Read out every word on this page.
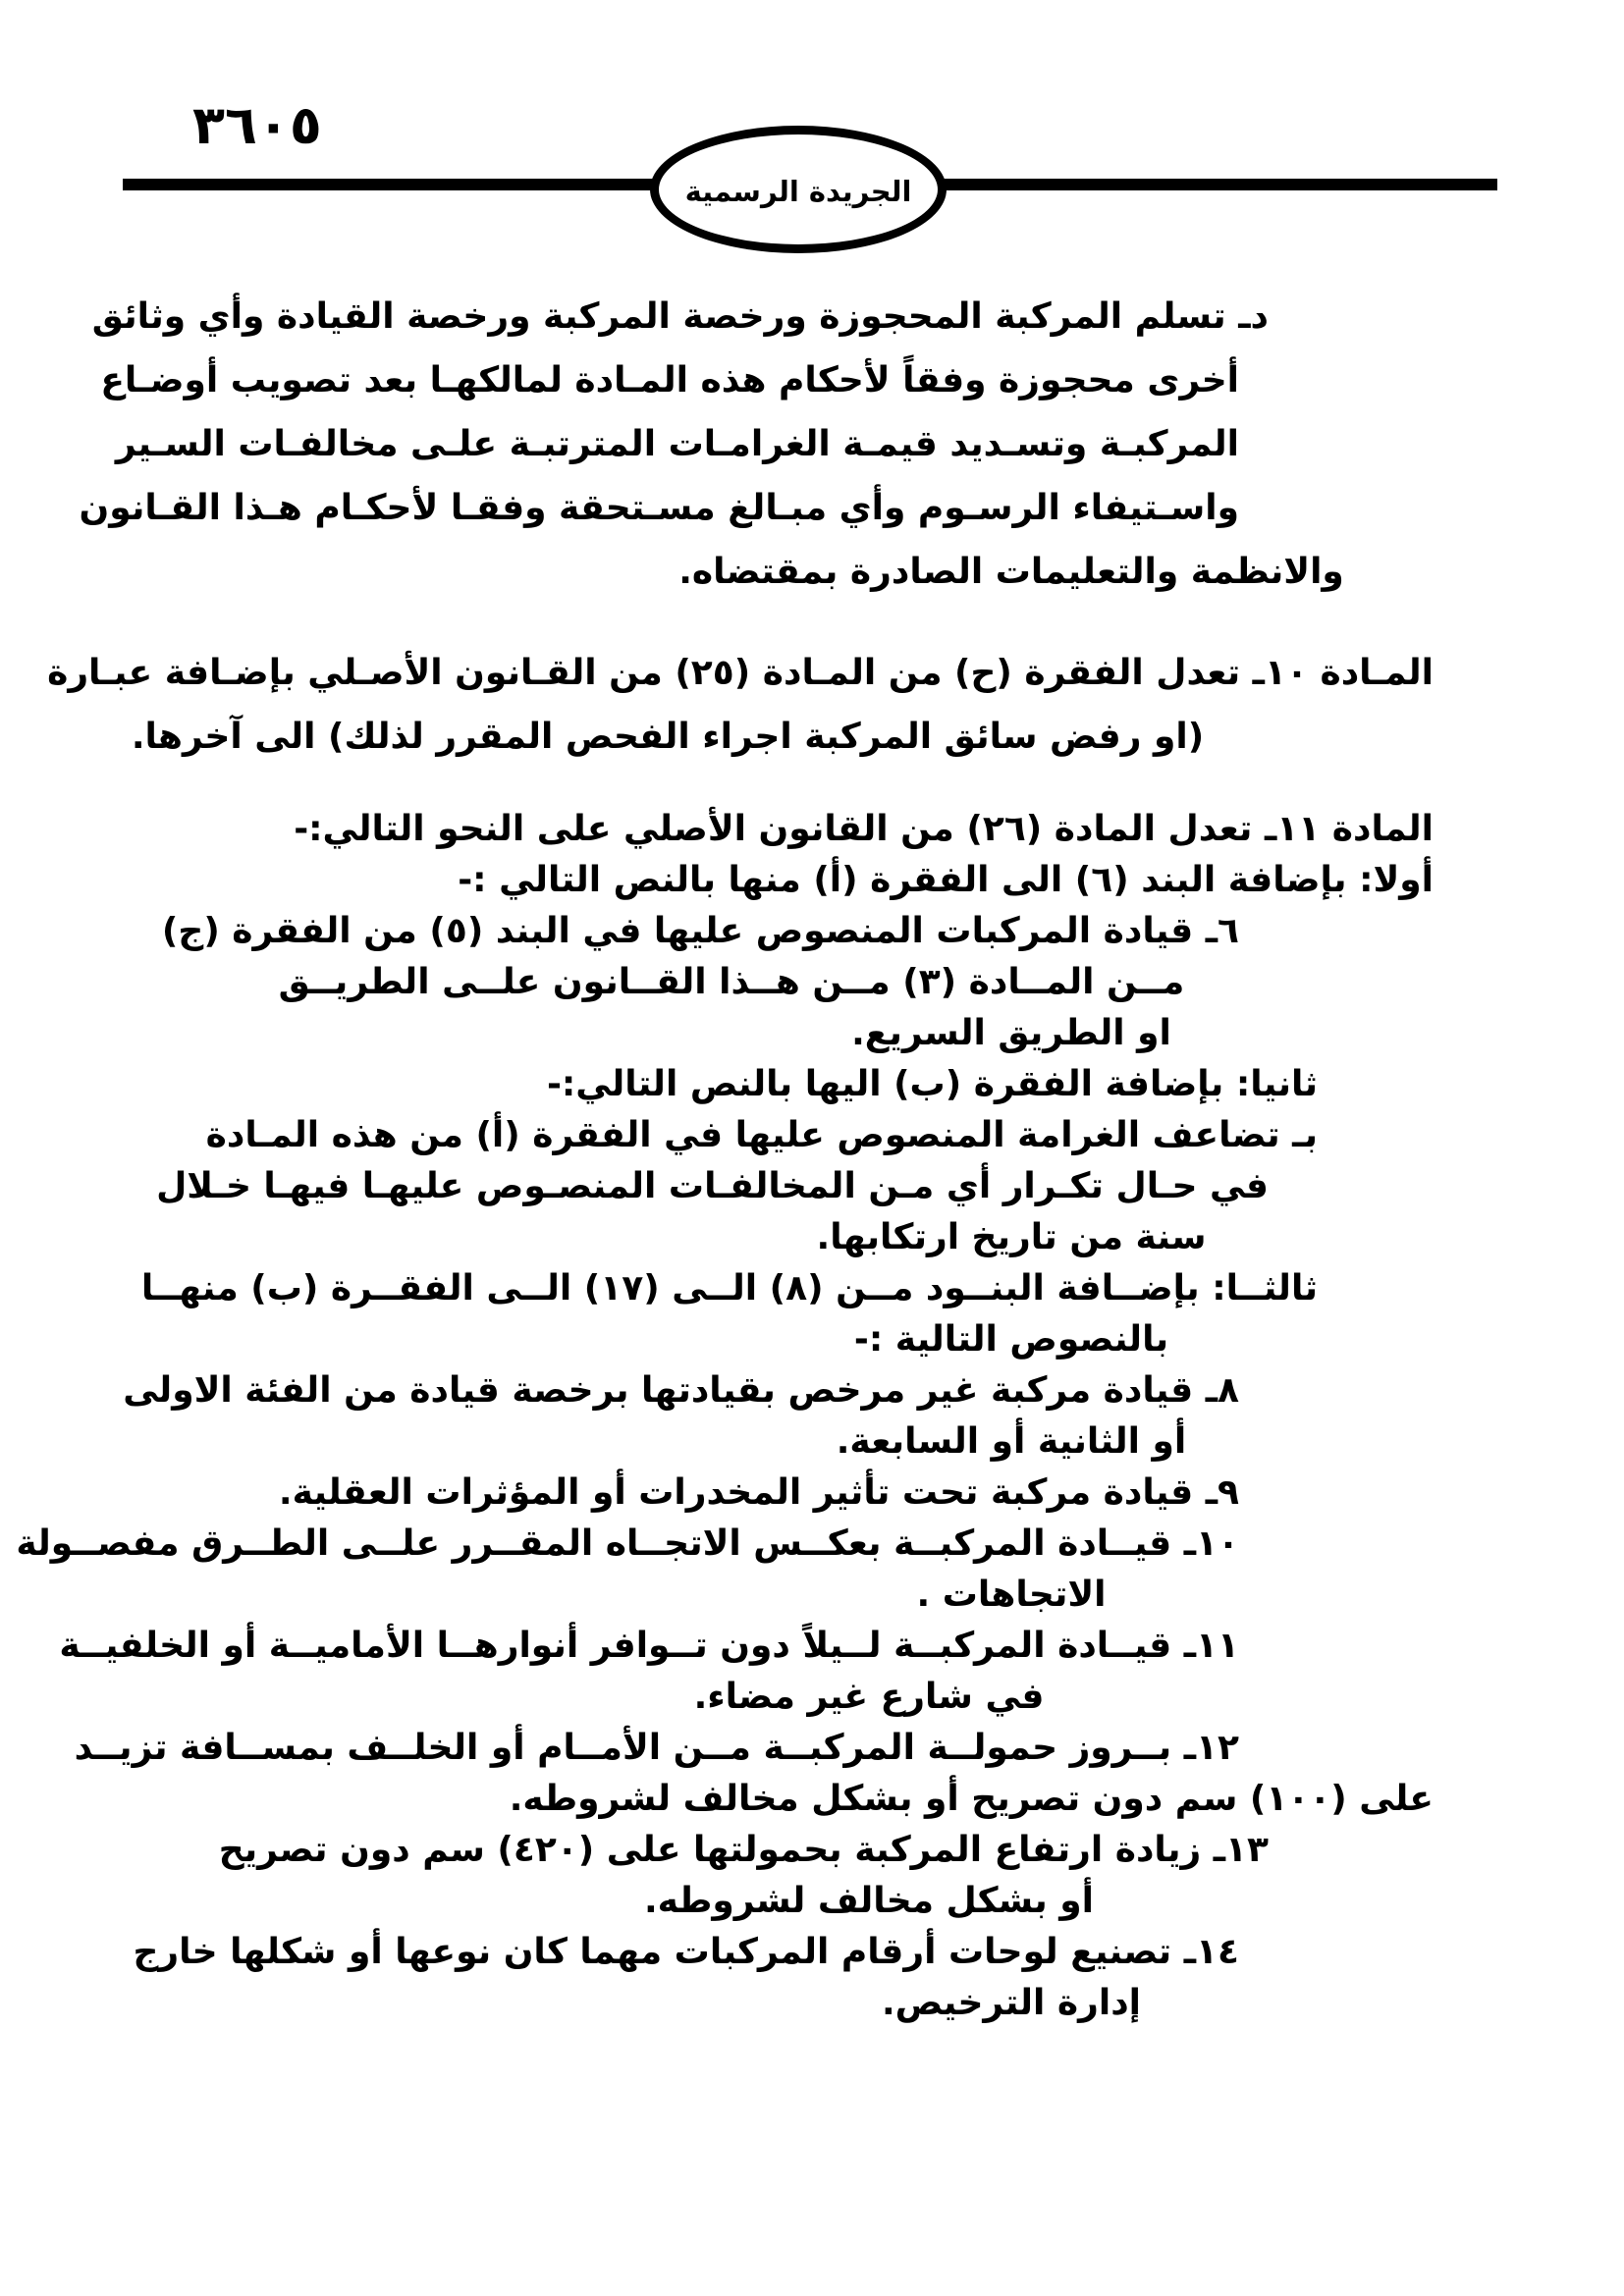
٣٦٠٥
الجريدة الرسمية
دـ تسلم المركبة المحجوزة ورخصة المركبة ورخصة القيادة وأي وثائق
أخرى محجوزة وفقاً لأحكام هذه المـادة لمالكهـا بعد تصويب أوضـاع
المركبـة وتسـديد قيمـة الغرامـات المترتبـة علـى مخالفـات السـير
واسـتيفاء الرسـوم وأي مبـالغ مسـتحقة وفقـا لأحكـام هـذا القـانون
والانظمة والتعليمات الصادرة بمقتضاه.
المـادة ١٠ـ تعدل الفقرة (ح) من المـادة (٢٥) من القـانون الأصـلي بإضـافة عبـارة
(او رفض سائق المركبة اجراء الفحص المقرر لذلك) الى آخرها.
المادة ١١ـ تعدل المادة (٢٦) من القانون الأصلي على النحو التالي:-
أولا: بإضافة البند (٦) الى الفقرة (أ) منها بالنص التالي :-
٦ـ قيادة المركبات المنصوص عليها في البند (٥) من الفقرة (ج)
مــن المــادة (٣) مــن هــذا القــانون علــى الطريــق
او الطريق السريع.
ثانيا: بإضافة الفقرة (ب) اليها بالنص التالي:-
بـ تضاعف الغرامة المنصوص عليها في الفقرة (أ) من هذه المـادة
في حـال تكـرار أي مـن المخالفـات المنصـوص عليهـا فيهـا خـلال
سنة من تاريخ ارتكابها.
ثالثــا: بإضــافة البنــود مــن (٨) الــى (١٧) الــى الفقــرة (ب) منهــا
بالنصوص التالية :-
٨ـ قيادة مركبة غير مرخص بقيادتها برخصة قيادة من الفئة الاولى
أو الثانية أو السابعة.
٩ـ قيادة مركبة تحت تأثير المخدرات أو المؤثرات العقلية.
١٠ـ قيــادة المركبــة بعكــس الاتجــاه المقــرر علــى الطــرق مفصــولة
الاتجاهات .
١١ـ قيــادة المركبــة لــيلاً دون تــوافر أنوارهــا الأماميــة أو الخلفيــة
في شارع غير مضاء.
١٢ـ بــروز حمولــة المركبــة مــن الأمــام أو الخلــف بمســافة تزيــد
على (١٠٠) سم دون تصريح أو بشكل مخالف لشروطه.
١٣ـ زيادة ارتفاع المركبة بحمولتها على (٤٢٠) سم دون تصريح
أو بشكل مخالف لشروطه.
١٤ـ تصنيع لوحات أرقام المركبات مهما كان نوعها أو شكلها خارج
إدارة الترخيص.
